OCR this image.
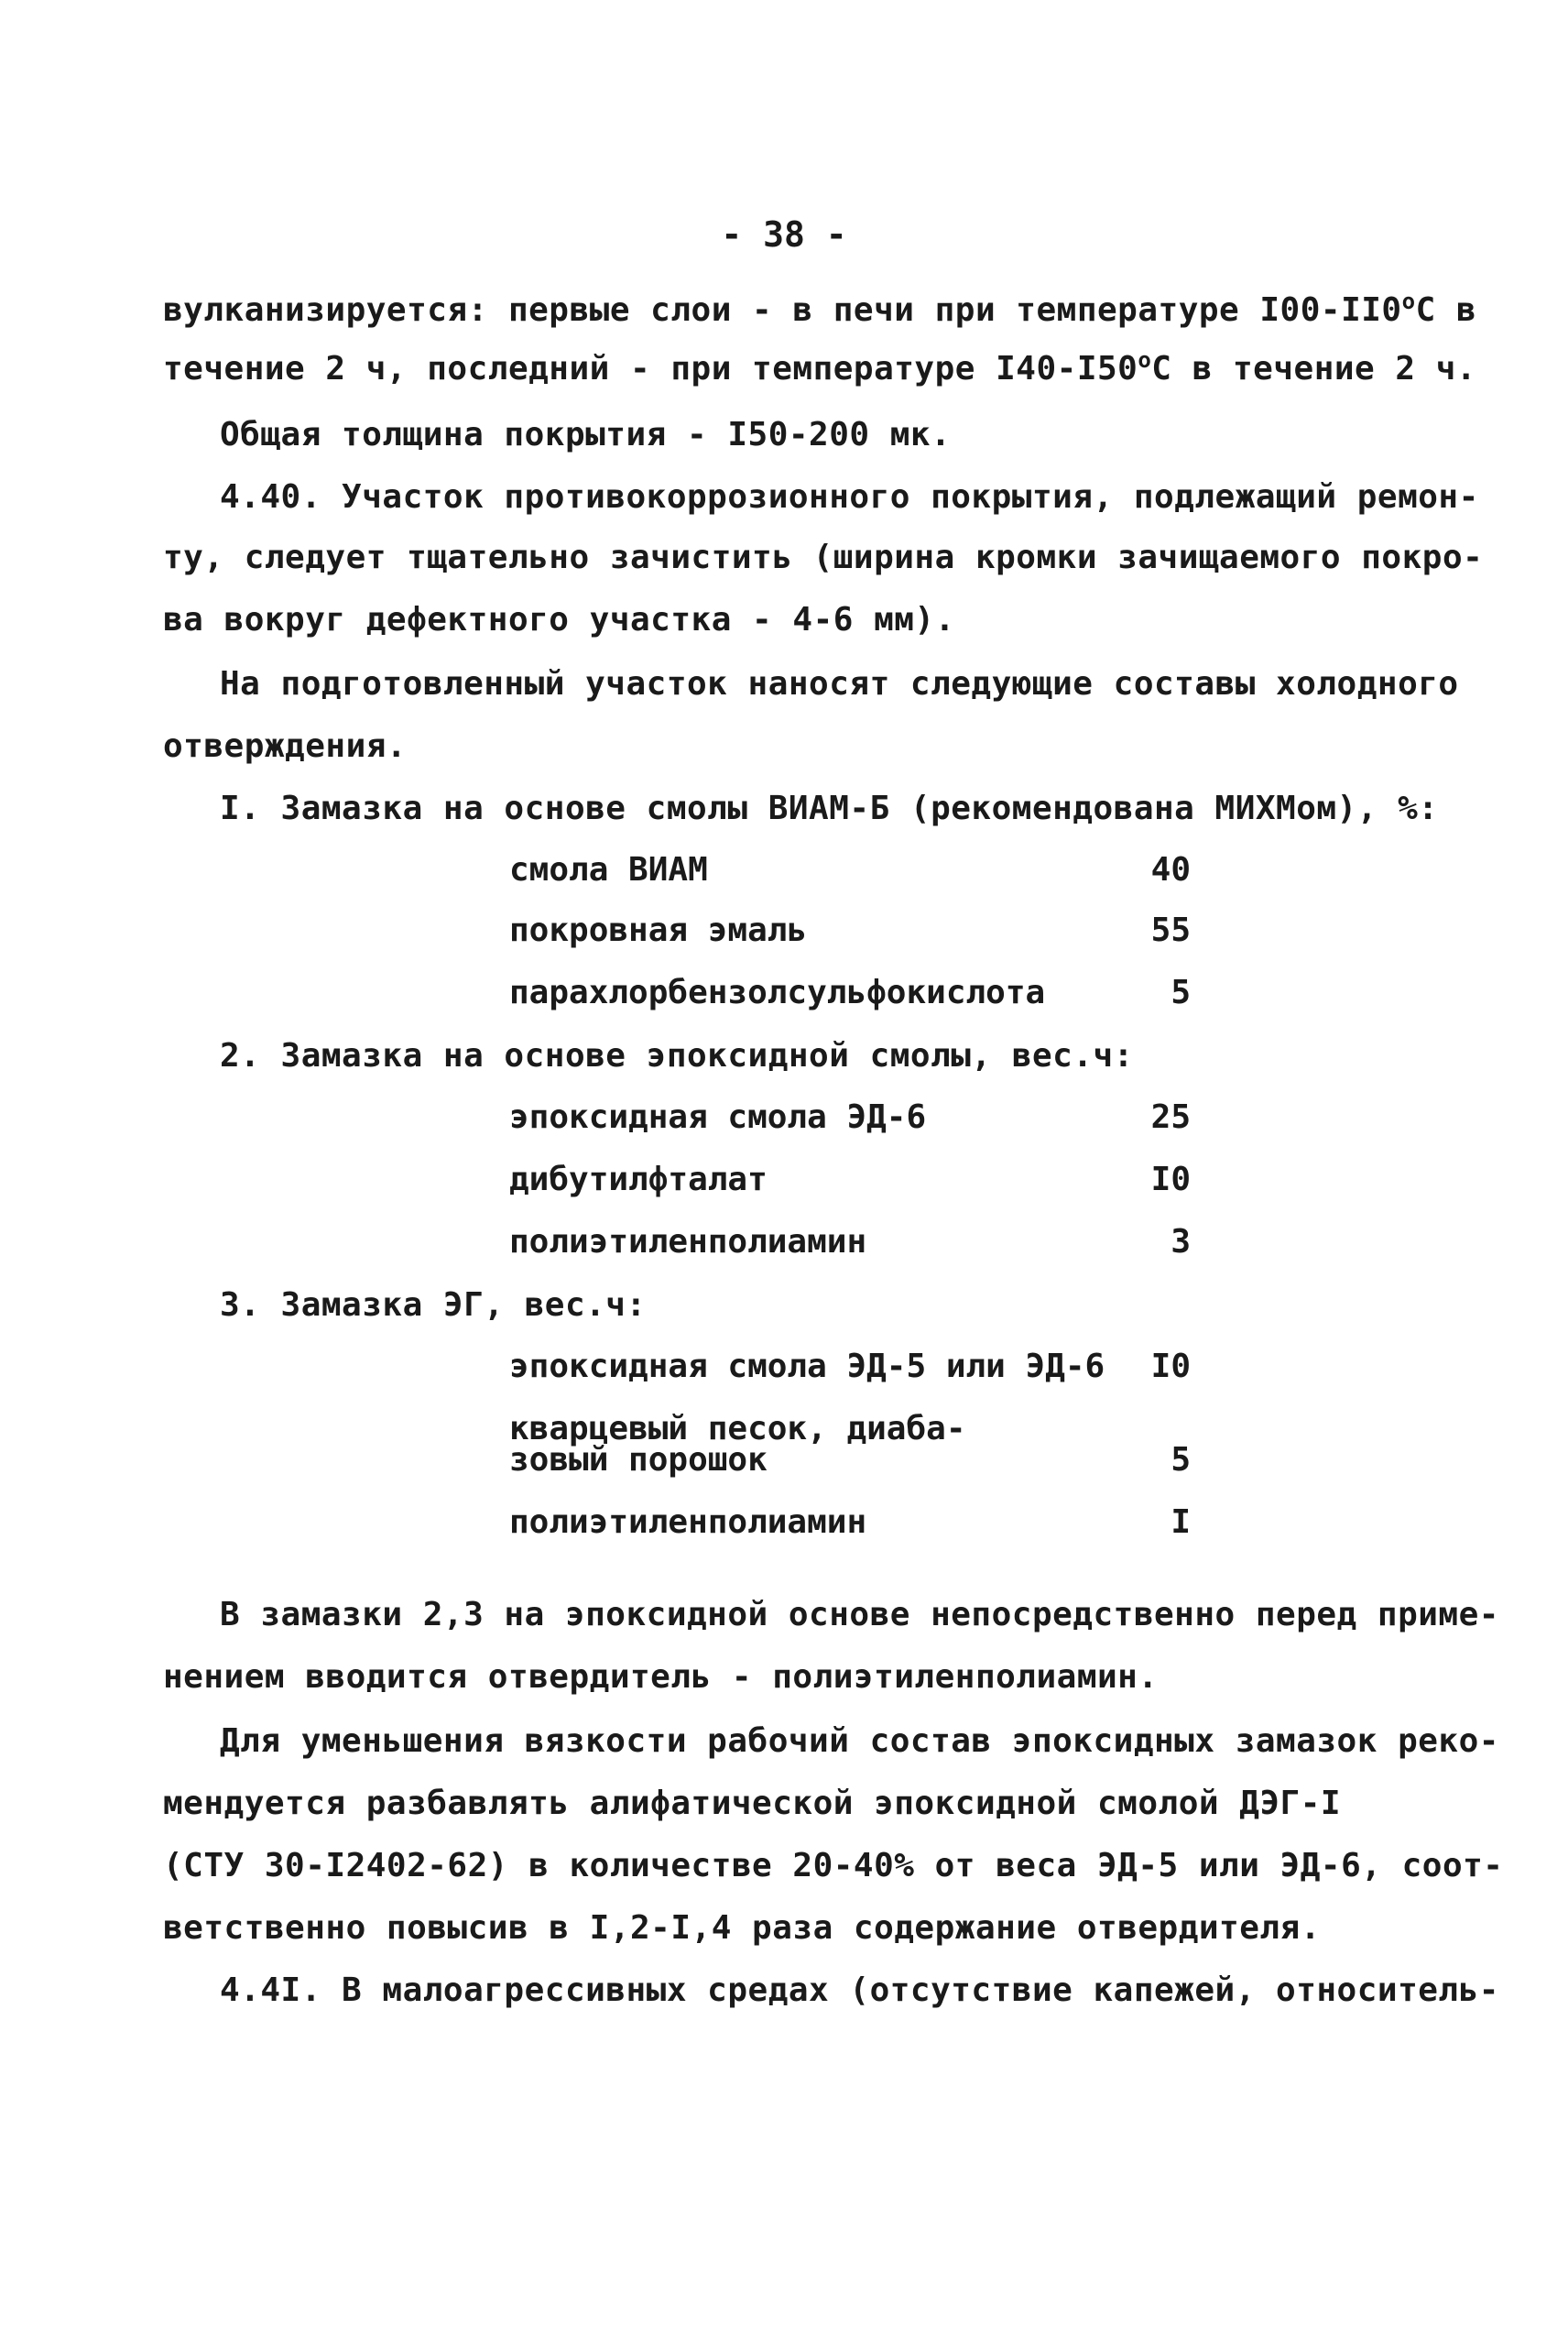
- 38 -
вулканизируется: первые слои - в печи при температуре $I00-II0^оС$ в
течение 2 ч, последний - при температуре $I40-I50^оС$ в течение 2 ч.
Общая толщина покрытия - I50-200 мк.
4.40. Участок противокоррозионного покрытия, подлежащий ремон-
ту, следует тщательно зачистить (ширина кромки зачищаемого покро-
ва вокруг дефектного участка - 4-6 мм).
На подготовленный участок наносят следующие составы холодного
отверждения.
I. Замазка на основе смолы ВИАМ-Б (рекомендована МИХМом), %:
смола ВИАМ	40
покровная эмаль	55
парахлорбензолсульфокислота	5
2. Замазка на основе эпоксидной смолы, вес.ч:
эпоксидная смола ЭД-6	25
дибутилфталат	I0
полиэтиленполиамин	3
3. Замазка ЭГ, вес.ч:
эпоксидная смола ЭД-5 или ЭД-6	I0
кварцевый песок, диаба-
зовый порошок	5
полиэтиленполиамин	I
В замазки 2,3 на эпоксидной основе непосредственно перед приме-
нением вводится отвердитель - полиэтиленполиамин.
Для уменьшения вязкости рабочий состав эпоксидных замазок реко-
мендуется разбавлять алифатической эпоксидной смолой ДЭГ-I
(СТУ 30-I2402-62) в количестве 20-40% от веса ЭД-5 или ЭД-6, соот-
ветственно повысив в I,2-I,4 раза содержание отвердителя.
4.4I. В малоагрессивных средах (отсутствие капежей, относитель-
